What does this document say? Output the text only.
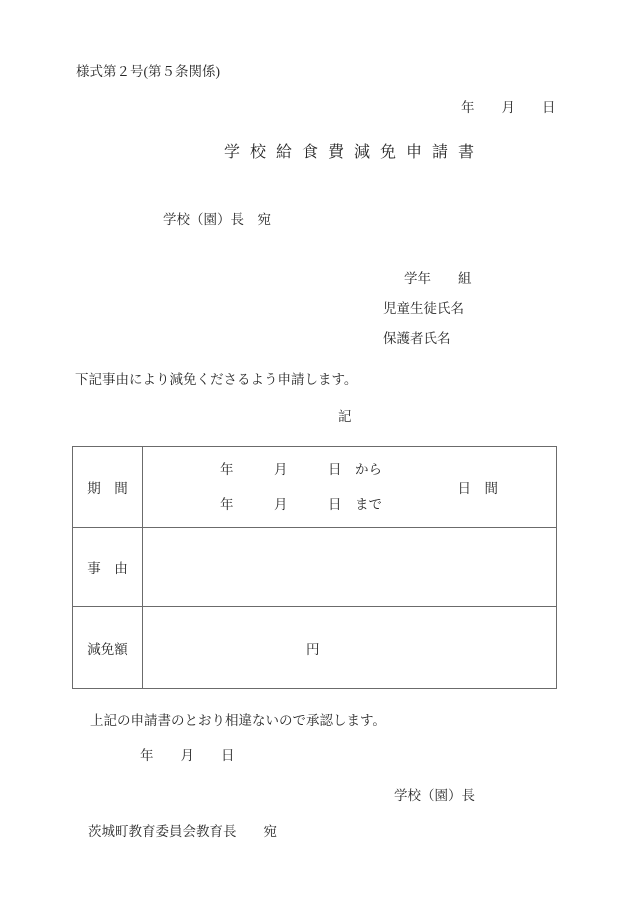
様式第２号(第５条関係)
年　　月　　日
学校給食費減免申請書
学校（園）長　宛
学年　　組
児童生徒氏名
保護者氏名
下記事由により減免くださるよう申請します。
記
期　間
年　　　月　　　日　から
年　　　月　　　日　まで
日　間
事　由
減免額	円
上記の申請書のとおり相違ないので承認します。
年　　月　　日
学校（園）長
茨城町教育委員会教育長　　宛
